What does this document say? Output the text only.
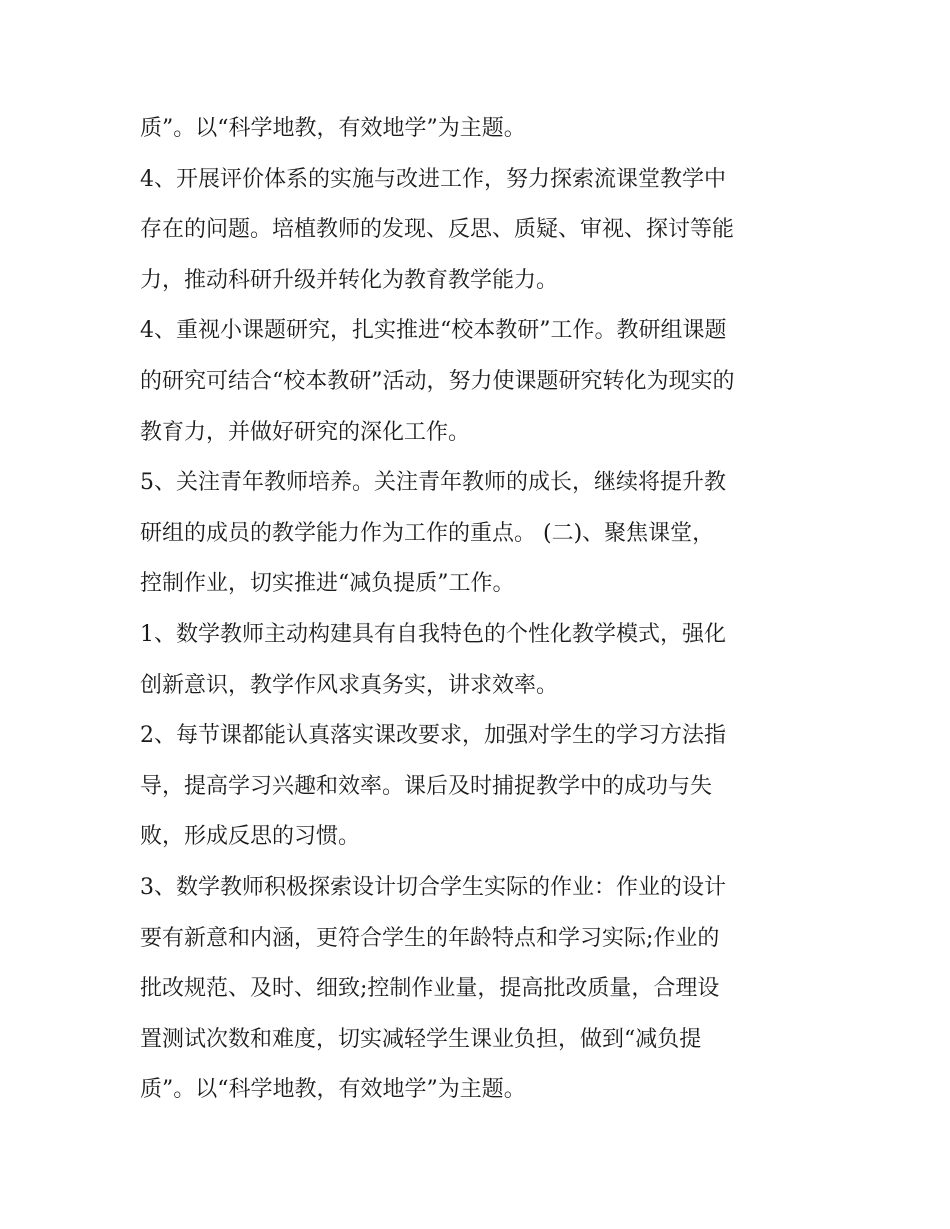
质”。以“科学地教，有效地学”为主题。
4、开展评价体系的实施与改进工作，努力探索流课堂教学中
存在的问题。培植教师的发现、反思、质疑、审视、探讨等能
力，推动科研升级并转化为教育教学能力。
4、重视小课题研究，扎实推进“校本教研”工作。教研组课题
的研究可结合“校本教研”活动，努力使课题研究转化为现实的
教育力，并做好研究的深化工作。
5、关注青年教师培养。关注青年教师的成长，继续将提升教
研组的成员的教学能力作为工作的重点。 (二)、聚焦课堂，
控制作业，切实推进“减负提质”工作。
1、数学教师主动构建具有自我特色的个性化教学模式，强化
创新意识，教学作风求真务实，讲求效率。
2、每节课都能认真落实课改要求，加强对学生的学习方法指
导，提高学习兴趣和效率。课后及时捕捉教学中的成功与失
败，形成反思的习惯。
3、数学教师积极探索设计切合学生实际的作业：作业的设计
要有新意和内涵，更符合学生的年龄特点和学习实际;作业的
批改规范、及时、细致;控制作业量，提高批改质量，合理设
置测试次数和难度，切实减轻学生课业负担，做到“减负提
质”。以“科学地教，有效地学”为主题。
